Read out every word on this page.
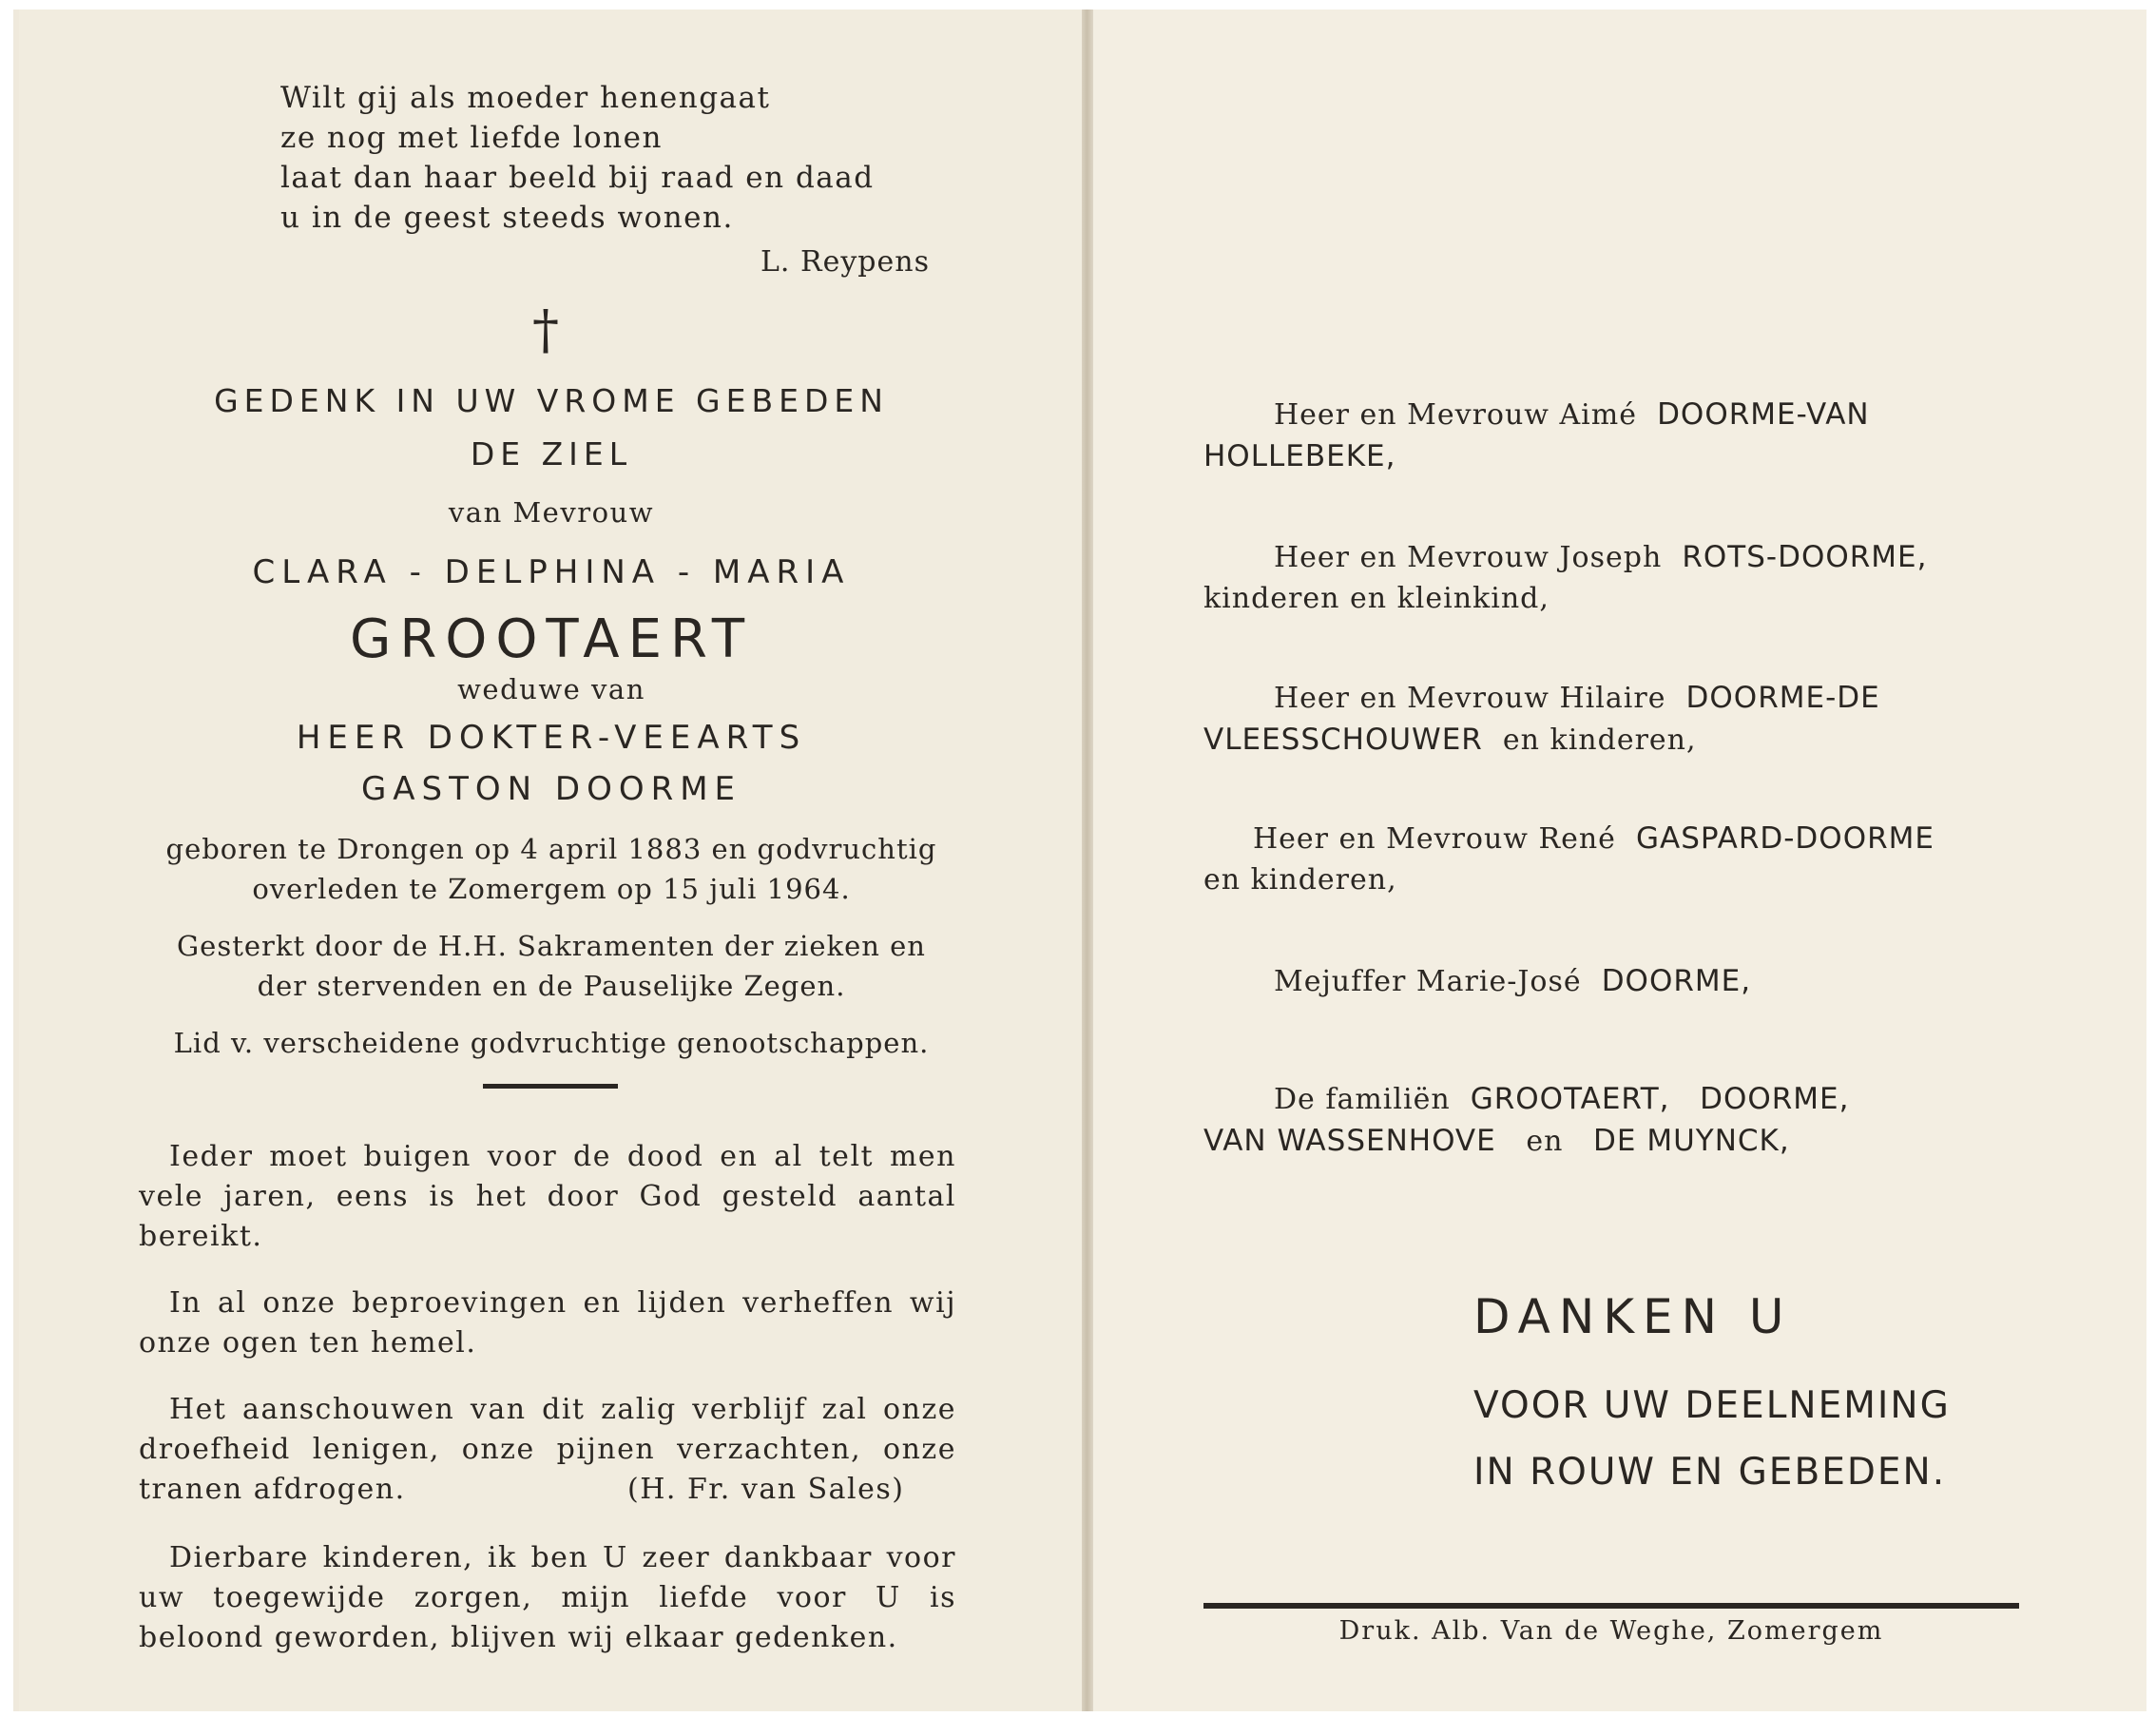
Wilt gij als moeder henengaat
ze nog met liefde lonen
laat dan haar beeld bij raad en daad
u in de geest steeds wonen.
L. Reypens
†
GEDENK IN UW VROME GEBEDEN
DE ZIEL
van Mevrouw
CLARA - DELPHINA - MARIA
GROOTAERT
weduwe van
HEER DOKTER-VEEARTS
GASTON DOORME
geboren te Drongen op 4 april 1883 en godvruchtig
overleden te Zomergem op 15 juli 1964.
Gesterkt door de H.H. Sakramenten der zieken en
der stervenden en de Pauselijke Zegen.
Lid v. verscheidene godvruchtige genootschappen.
Ieder moet buigen voor de dood en al telt men vele jaren, eens is het door God gesteld aantal bereikt.
In al onze beproevingen en lijden verheffen wij onze ogen ten hemel.
Het aanschouwen van dit zalig verblijf zal onze droefheid lenigen, onze pijnen verzachten, onze tranen afdrogen.	(H. Fr. van Sales)
Dierbare kinderen, ik ben U zeer dankbaar voor uw toegewijde zorgen, mijn liefde voor U is beloond geworden, blijven wij elkaar gedenken.
Heer en Mevrouw Aimé DOORME-VAN
HOLLEBEKE,
Heer en Mevrouw Joseph ROTS-DOORME,
kinderen en kleinkind,
Heer en Mevrouw Hilaire DOORME-DE
VLEESSCHOUWER en kinderen,
Heer en Mevrouw René GASPARD-DOORME
en kinderen,
Mejuffer Marie-José DOORME,
De familiën GROOTAERT, DOORME,
VAN WASSENHOVE en DE MUYNCK,
DANKEN U
VOOR UW DEELNEMING
IN ROUW EN GEBEDEN.
Druk. Alb. Van de Weghe, Zomergem
